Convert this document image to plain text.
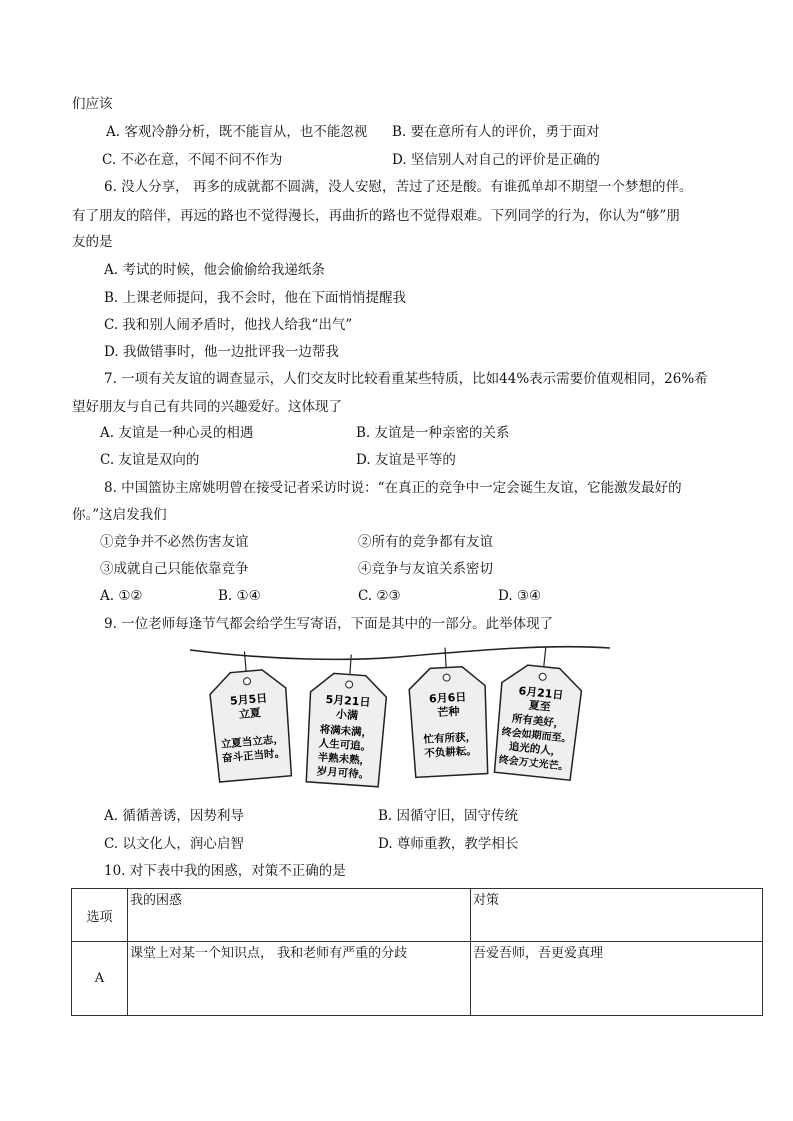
们应该
A. 客观冷静分析，既不能盲从，也不能忽视 B. 要在意所有人的评价，勇于面对
C. 不必在意，不闻不问不作为	D. 坚信别人对自己的评价是正确的
6. 没人分享， 再多的成就都不圆满，没人安慰，苦过了还是酸。有谁孤单却不期望一个梦想的伴。
有了朋友的陪伴，再远的路也不觉得漫长，再曲折的路也不觉得艰难。下列同学的行为，你认为“够”朋
友的是
A. 考试的时候，他会偷偷给我递纸条
B. 上课老师提问，我不会时，他在下面悄悄提醒我
C. 我和别人闹矛盾时，他找人给我“出气”
D. 我做错事时，他一边批评我一边帮我
7. 一项有关友谊的调查显示，人们交友时比较看重某些特质，比如44%表示需要价值观相同，26%希
望好朋友与自己有共同的兴趣爱好。这体现了
A. 友谊是一种心灵的相遇	B. 友谊是一种亲密的关系
C. 友谊是双向的	D. 友谊是平等的
8. 中国篮协主席姚明曾在接受记者采访时说：“在真正的竞争中一定会诞生友谊，它能激发最好的
你。”这启发我们
①竞争并不必然伤害友谊	②所有的竞争都有友谊
③成就自己只能依靠竞争	④竞争与友谊关系密切
A. ①②	B. ①④	C. ②③	D. ③④
9. 一位老师每逢节气都会给学生写寄语，下面是其中的一部分。此举体现了
5月5日
立夏
立夏当立志，
奋斗正当时。
5月21日
小满
将满未满，
人生可追。
半熟未熟，
岁月可待。
6月6日
芒种
忙有所获，
不负耕耘。
6月21日
夏至
所有美好，
终会如期而至。
追光的人，
终会万丈光芒。
A. 循循善诱，因势利导	B. 因循守旧，固守传统
C. 以文化人，润心启智	D. 尊师重教，教学相长
10. 对下表中我的困惑，对策不正确的是
选项	我的困惑	对策
A	课堂上对某一个知识点， 我和老师有严重的分歧	吾爱吾师，吾更爱真理
